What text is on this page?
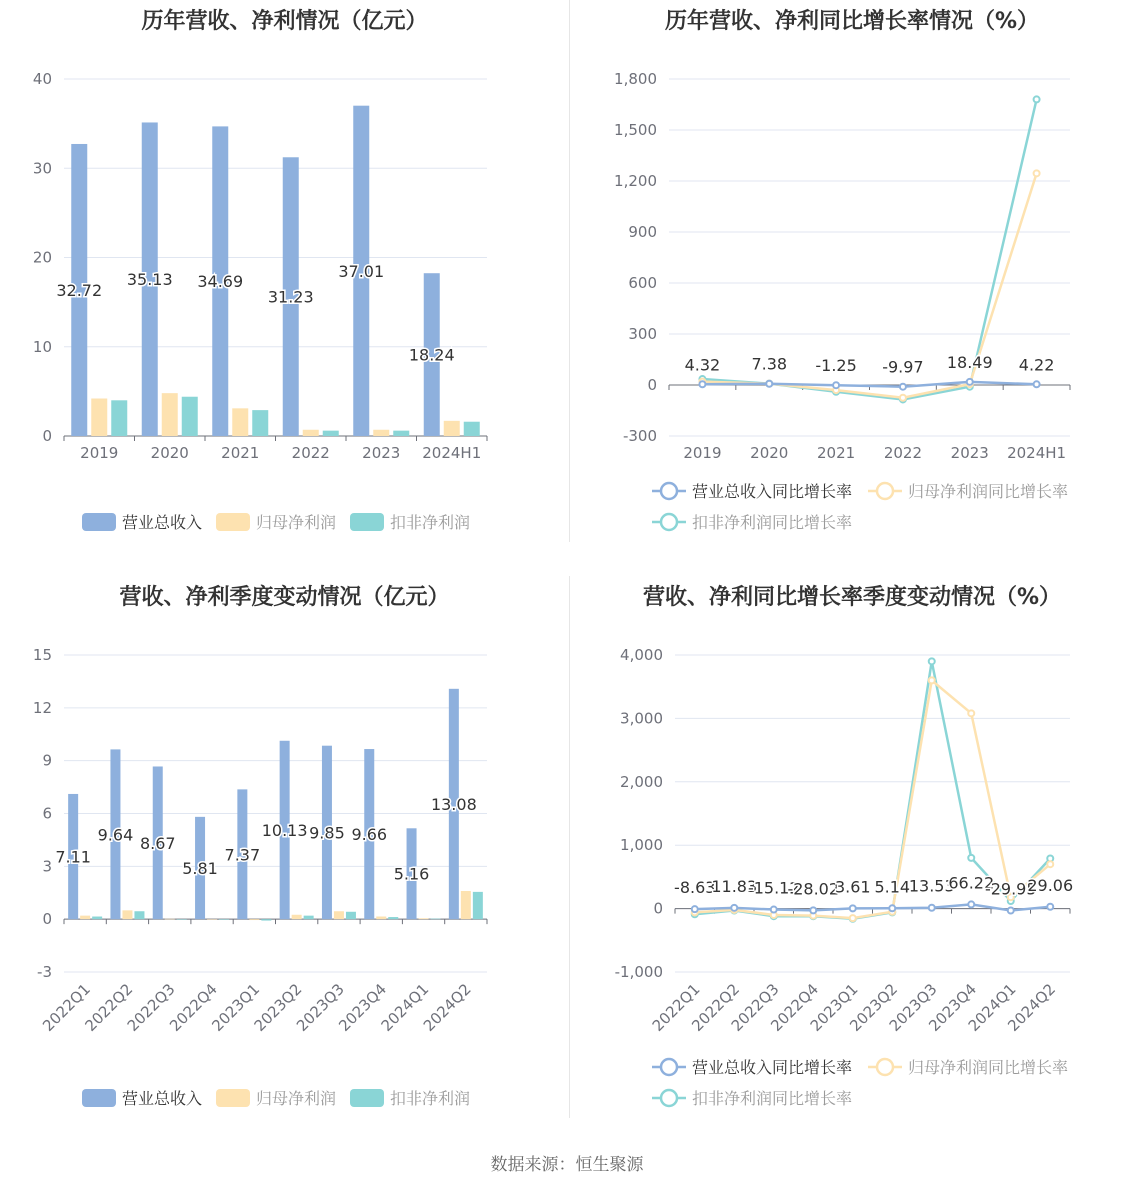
历年营收、净利情况（亿元）
0
10
20
30
40
2019 2020 2021 2022 2023 2024H1
32.72
35.13 34.69
31.23
37.01
18.24
营业总收入	归母净利润	扣非净利润
历年营收、净利同比增长率情况（%）
-300
0
300
600
900
1,200
1,500
1,800
2019 2020 2021 2022 2023 2024H1
4.32 7.38 -1.25 -9.97 18.49 4.22
营业总收入同比增长率	归母净利润同比增长率
扣非净利润同比增长率
营收、净利季度变动情况（亿元）
-3
0
3
6
9
12
15
2022Q1
2022Q2
2022Q3
2022Q4
2023Q1
2023Q2
2023Q3
2023Q4
2024Q1
2024Q2
7.11
9.64 8.67
5.81
7.37
10.13 9.85 9.66
5.16
13.08
营业总收入	归母净利润	扣非净利润
营收、净利同比增长率季度变动情况（%）
-1,000
0
1,000
2,000
3,000
4,000
2022Q1
2022Q2
2022Q3
2022Q4
2023Q1
2023Q2
2023Q3
2023Q4
2024Q1
2024Q2
-8.63
11.83
-15.12
-28.02
3.61 5.14
13.53
66.22
-29.95
29.06
营业总收入同比增长率	归母净利润同比增长率
扣非净利润同比增长率
数据来源：恒生聚源
